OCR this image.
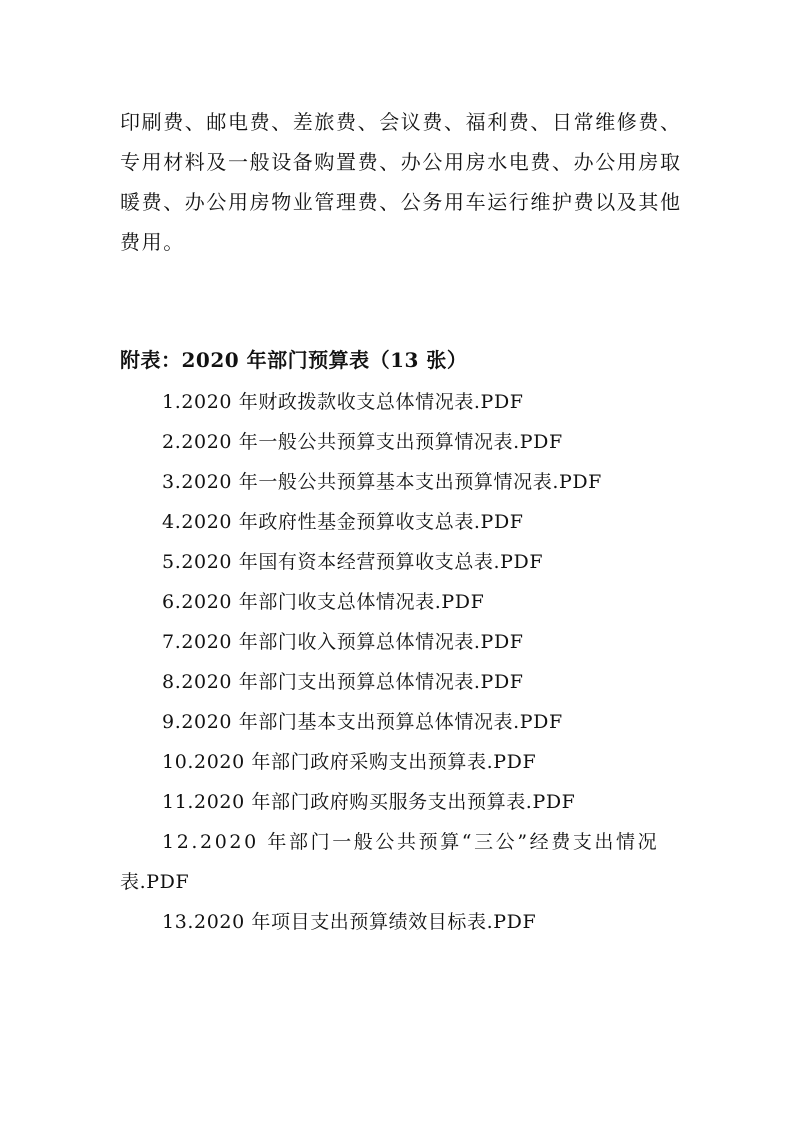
印刷费、邮电费、差旅费、会议费、福利费、日常维修费、
专用材料及一般设备购置费、办公用房水电费、办公用房取
暖费、办公用房物业管理费、公务用车运行维护费以及其他
费用。
附表：2020 年部门预算表（13 张）
1.2020 年财政拨款收支总体情况表.PDF
2.2020 年一般公共预算支出预算情况表.PDF
3.2020 年一般公共预算基本支出预算情况表.PDF
4.2020 年政府性基金预算收支总表.PDF
5.2020 年国有资本经营预算收支总表.PDF
6.2020 年部门收支总体情况表.PDF
7.2020 年部门收入预算总体情况表.PDF
8.2020 年部门支出预算总体情况表.PDF
9.2020 年部门基本支出预算总体情况表.PDF
10.2020 年部门政府采购支出预算表.PDF
11.2020 年部门政府购买服务支出预算表.PDF
12.2020 年部门一般公共预算“三公”经费支出情况
表.PDF
13.2020 年项目支出预算绩效目标表.PDF
